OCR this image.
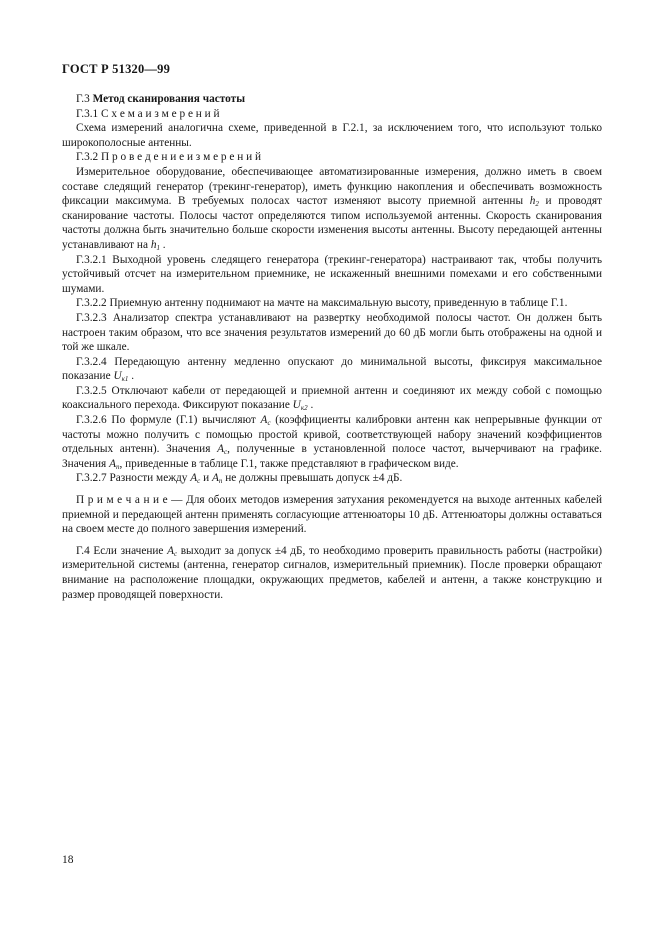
ГОСТ Р 51320—99

Г.3 Метод сканирования частоты

Г.3.1 С х е м а и з м е р е н и й

Схема измерений аналогична схеме, приведенной в Г.2.1, за исключением того, что используют только широкополосные антенны.

Г.3.2 П р о в е д е н и е и з м е р е н и й

Измерительное оборудование, обеспечивающее автоматизированные измерения, должно иметь в своем составе следящий генератор (трекинг-генератор), иметь функцию накопления и обеспечивать возможность фиксации максимума. В требуемых полосах частот изменяют высоту приемной антенны $h_2$ и проводят сканирование частоты. Полосы частот определяются типом используемой антенны. Скорость сканирования частоты должна быть значительно больше скорости изменения высоты антенны. Высоту передающей антенны устанавливают на $h_1$ .

Г.3.2.1 Выходной уровень следящего генератора (трекинг-генератора) настраивают так, чтобы получить устойчивый отсчет на измерительном приемнике, не искаженный внешними помехами и его собственными шумами.

Г.3.2.2 Приемную антенну поднимают на мачте на максимальную высоту, приведенную в таблице Г.1.

Г.3.2.3 Анализатор спектра устанавливают на развертку необходимой полосы частот. Он должен быть настроен таким образом, что все значения результатов измерений до 60 дБ могли быть отображены на одной и той же шкале.

Г.3.2.4 Передающую антенну медленно опускают до минимальной высоты, фиксируя максимальное показание $U_{к1}$ .

Г.3.2.5 Отключают кабели от передающей и приемной антенн и соединяют их между собой с помощью коаксиального перехода. Фиксируют показание $U_{к2}$ .

Г.3.2.6 По формуле (Г.1) вычисляют $A_с$ (коэффициенты калибровки антенн как непрерывные функции от частоты можно получить с помощью простой кривой, соответствующей набору значений коэффициентов отдельных антенн). Значения $A_с$, полученные в установленной полосе частот, вычерчивают на графике. Значения $A_п$, приведенные в таблице Г.1, также представляют в графическом виде.

Г.3.2.7 Разности между $A_с$ и $A_п$ не должны превышать допуск ±4 дБ.

П р и м е ч а н и е — Для обоих методов измерения затухания рекомендуется на выходе антенных кабелей приемной и передающей антенн применять согласующие аттенюаторы 10 дБ. Аттенюаторы должны оставаться на своем месте до полного завершения измерений.

Г.4 Если значение $A_с$ выходит за допуск ±4 дБ, то необходимо проверить правильность работы (настройки) измерительной системы (антенна, генератор сигналов, измерительный приемник). После проверки обращают внимание на расположение площадки, окружающих предметов, кабелей и антенн, а также конструкцию и размер проводящей поверхности.

18
